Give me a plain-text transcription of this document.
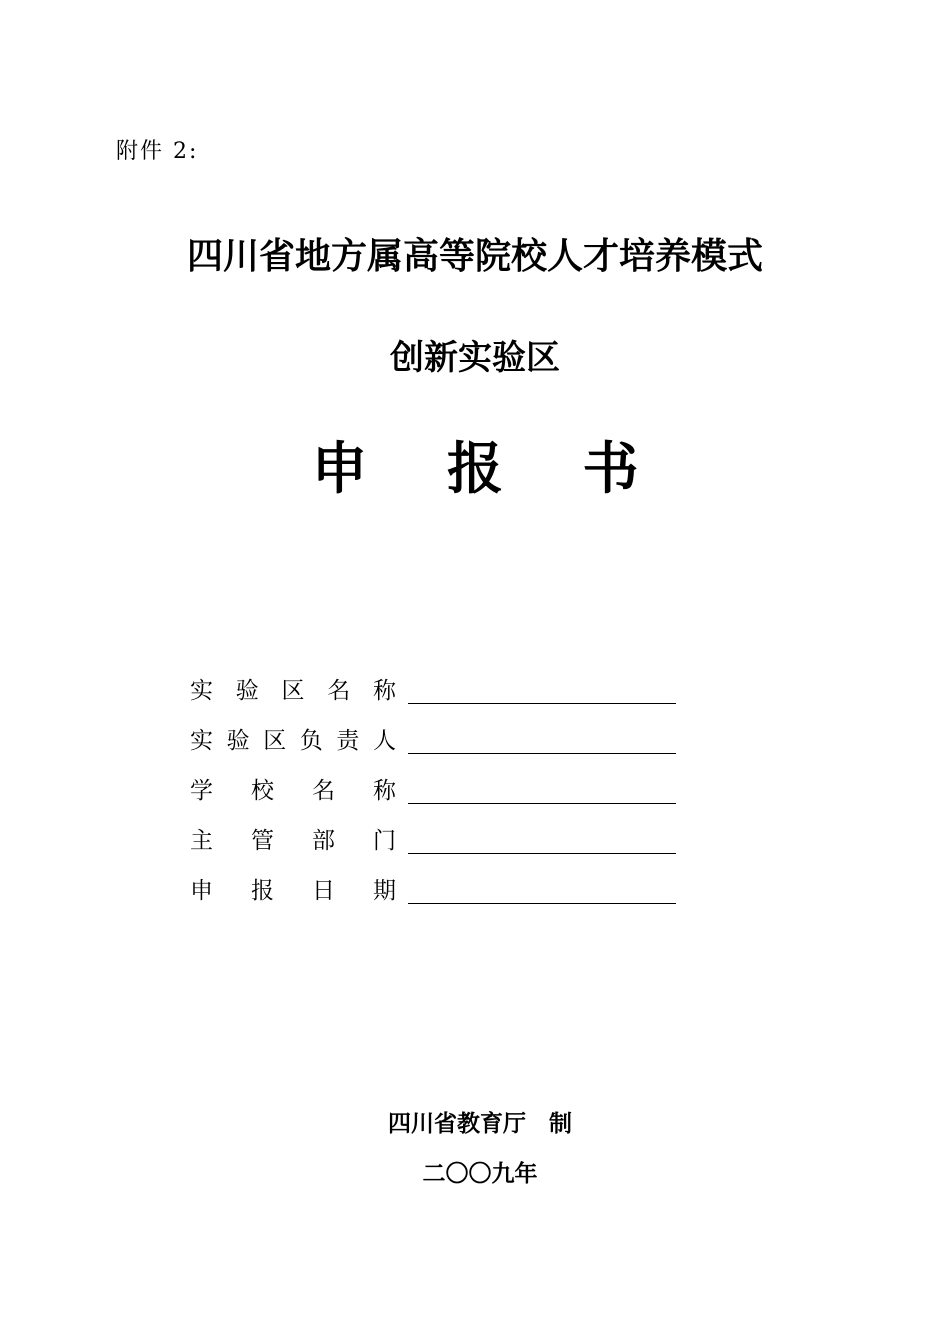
附件 2:
四川省地方属高等院校人才培养模式
创新实验区
申 报 书
实 验 区 名 称
实 验 区 负 责 人
学 校 名 称
主 管 部 门
申 报 日 期
四川省教育厅　制
二〇〇九年
